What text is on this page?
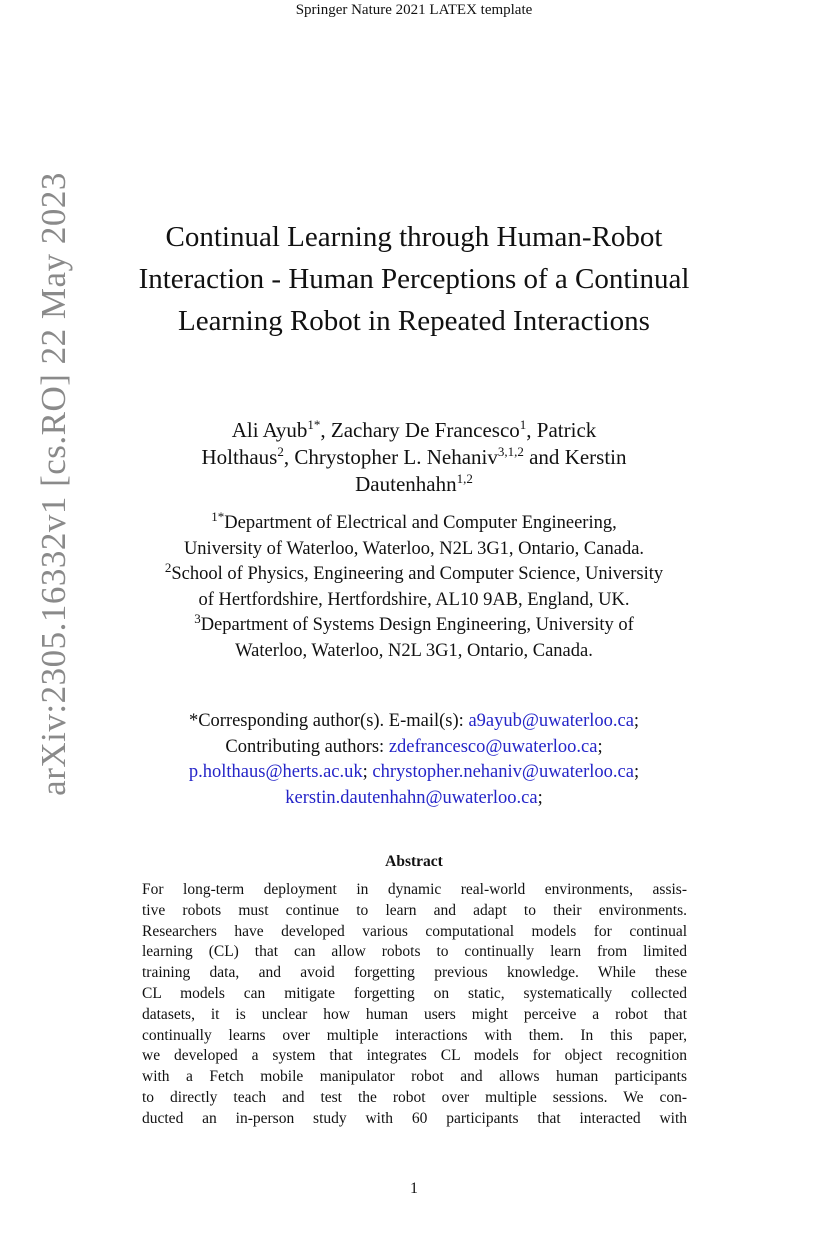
Springer Nature 2021 LATEX template
arXiv:2305.16332v1 [cs.RO] 22 May 2023	Continual Learning through Human-Robot Interaction - Human Perceptions of a Continual Learning Robot in Repeated Interactions
Ali Ayub$^{1*}$, Zachary De Francesco$^1$, Patrick
Holthaus$^2$, Chrystopher L. Nehaniv$^{3,1,2}$ and Kerstin
Dautenhahn$^{1,2}$
$^{1*}$Department of Electrical and Computer Engineering,
University of Waterloo, Waterloo, N2L 3G1, Ontario, Canada.
$^2$School of Physics, Engineering and Computer Science, University
of Hertfordshire, Hertfordshire, AL10 9AB, England, UK.
$^3$Department of Systems Design Engineering, University of
Waterloo, Waterloo, N2L 3G1, Ontario, Canada.
*Corresponding author(s). E-mail(s): a9ayub@uwaterloo.ca;
Contributing authors: zdefrancesco@uwaterloo.ca;
p.holthaus@herts.ac.uk; chrystopher.nehaniv@uwaterloo.ca;
kerstin.dautenhahn@uwaterloo.ca;
Abstract
For long-term deployment in dynamic real-world environments, assis-
tive robots must continue to learn and adapt to their environments.
Researchers have developed various computational models for continual
learning (CL) that can allow robots to continually learn from limited
training data, and avoid forgetting previous knowledge. While these
CL models can mitigate forgetting on static, systematically collected
datasets, it is unclear how human users might perceive a robot that
continually learns over multiple interactions with them. In this paper,
we developed a system that integrates CL models for object recognition
with a Fetch mobile manipulator robot and allows human participants
to directly teach and test the robot over multiple sessions. We con-
ducted an in-person study with 60 participants that interacted with
1
